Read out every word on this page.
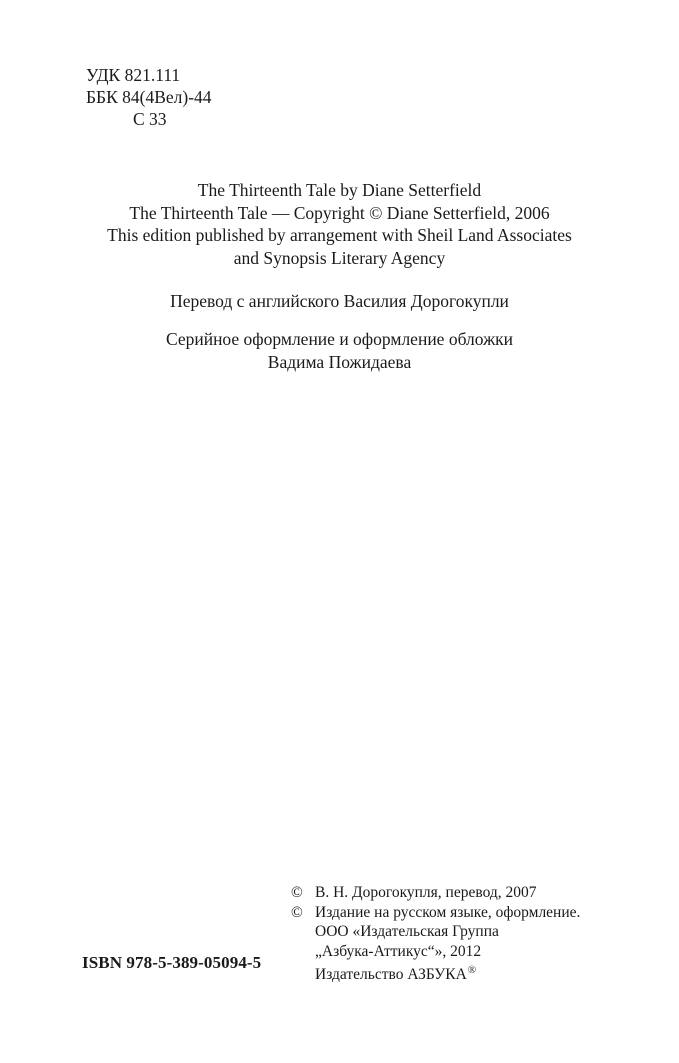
УДК 821.111
ББК 84(4Вел)-44
С 33
The Thirteenth Tale by Diane Setterfield
The Thirteenth Tale — Copyright © Diane Setterfield, 2006
This edition published by arrangement with Sheil Land Associates
and Synopsis Literary Agency
Перевод с английского Василия Дорогокупли
Серийное оформление и оформление обложки
Вадима Пожидаева
© В. Н. Дорогокупля, перевод, 2007
© Издание на русском языке, оформление.
ООО «Издательская Группа
„Азбука-Аттикус“», 2012
Издательство АЗБУКА®
ISBN 978-5-389-05094-5
